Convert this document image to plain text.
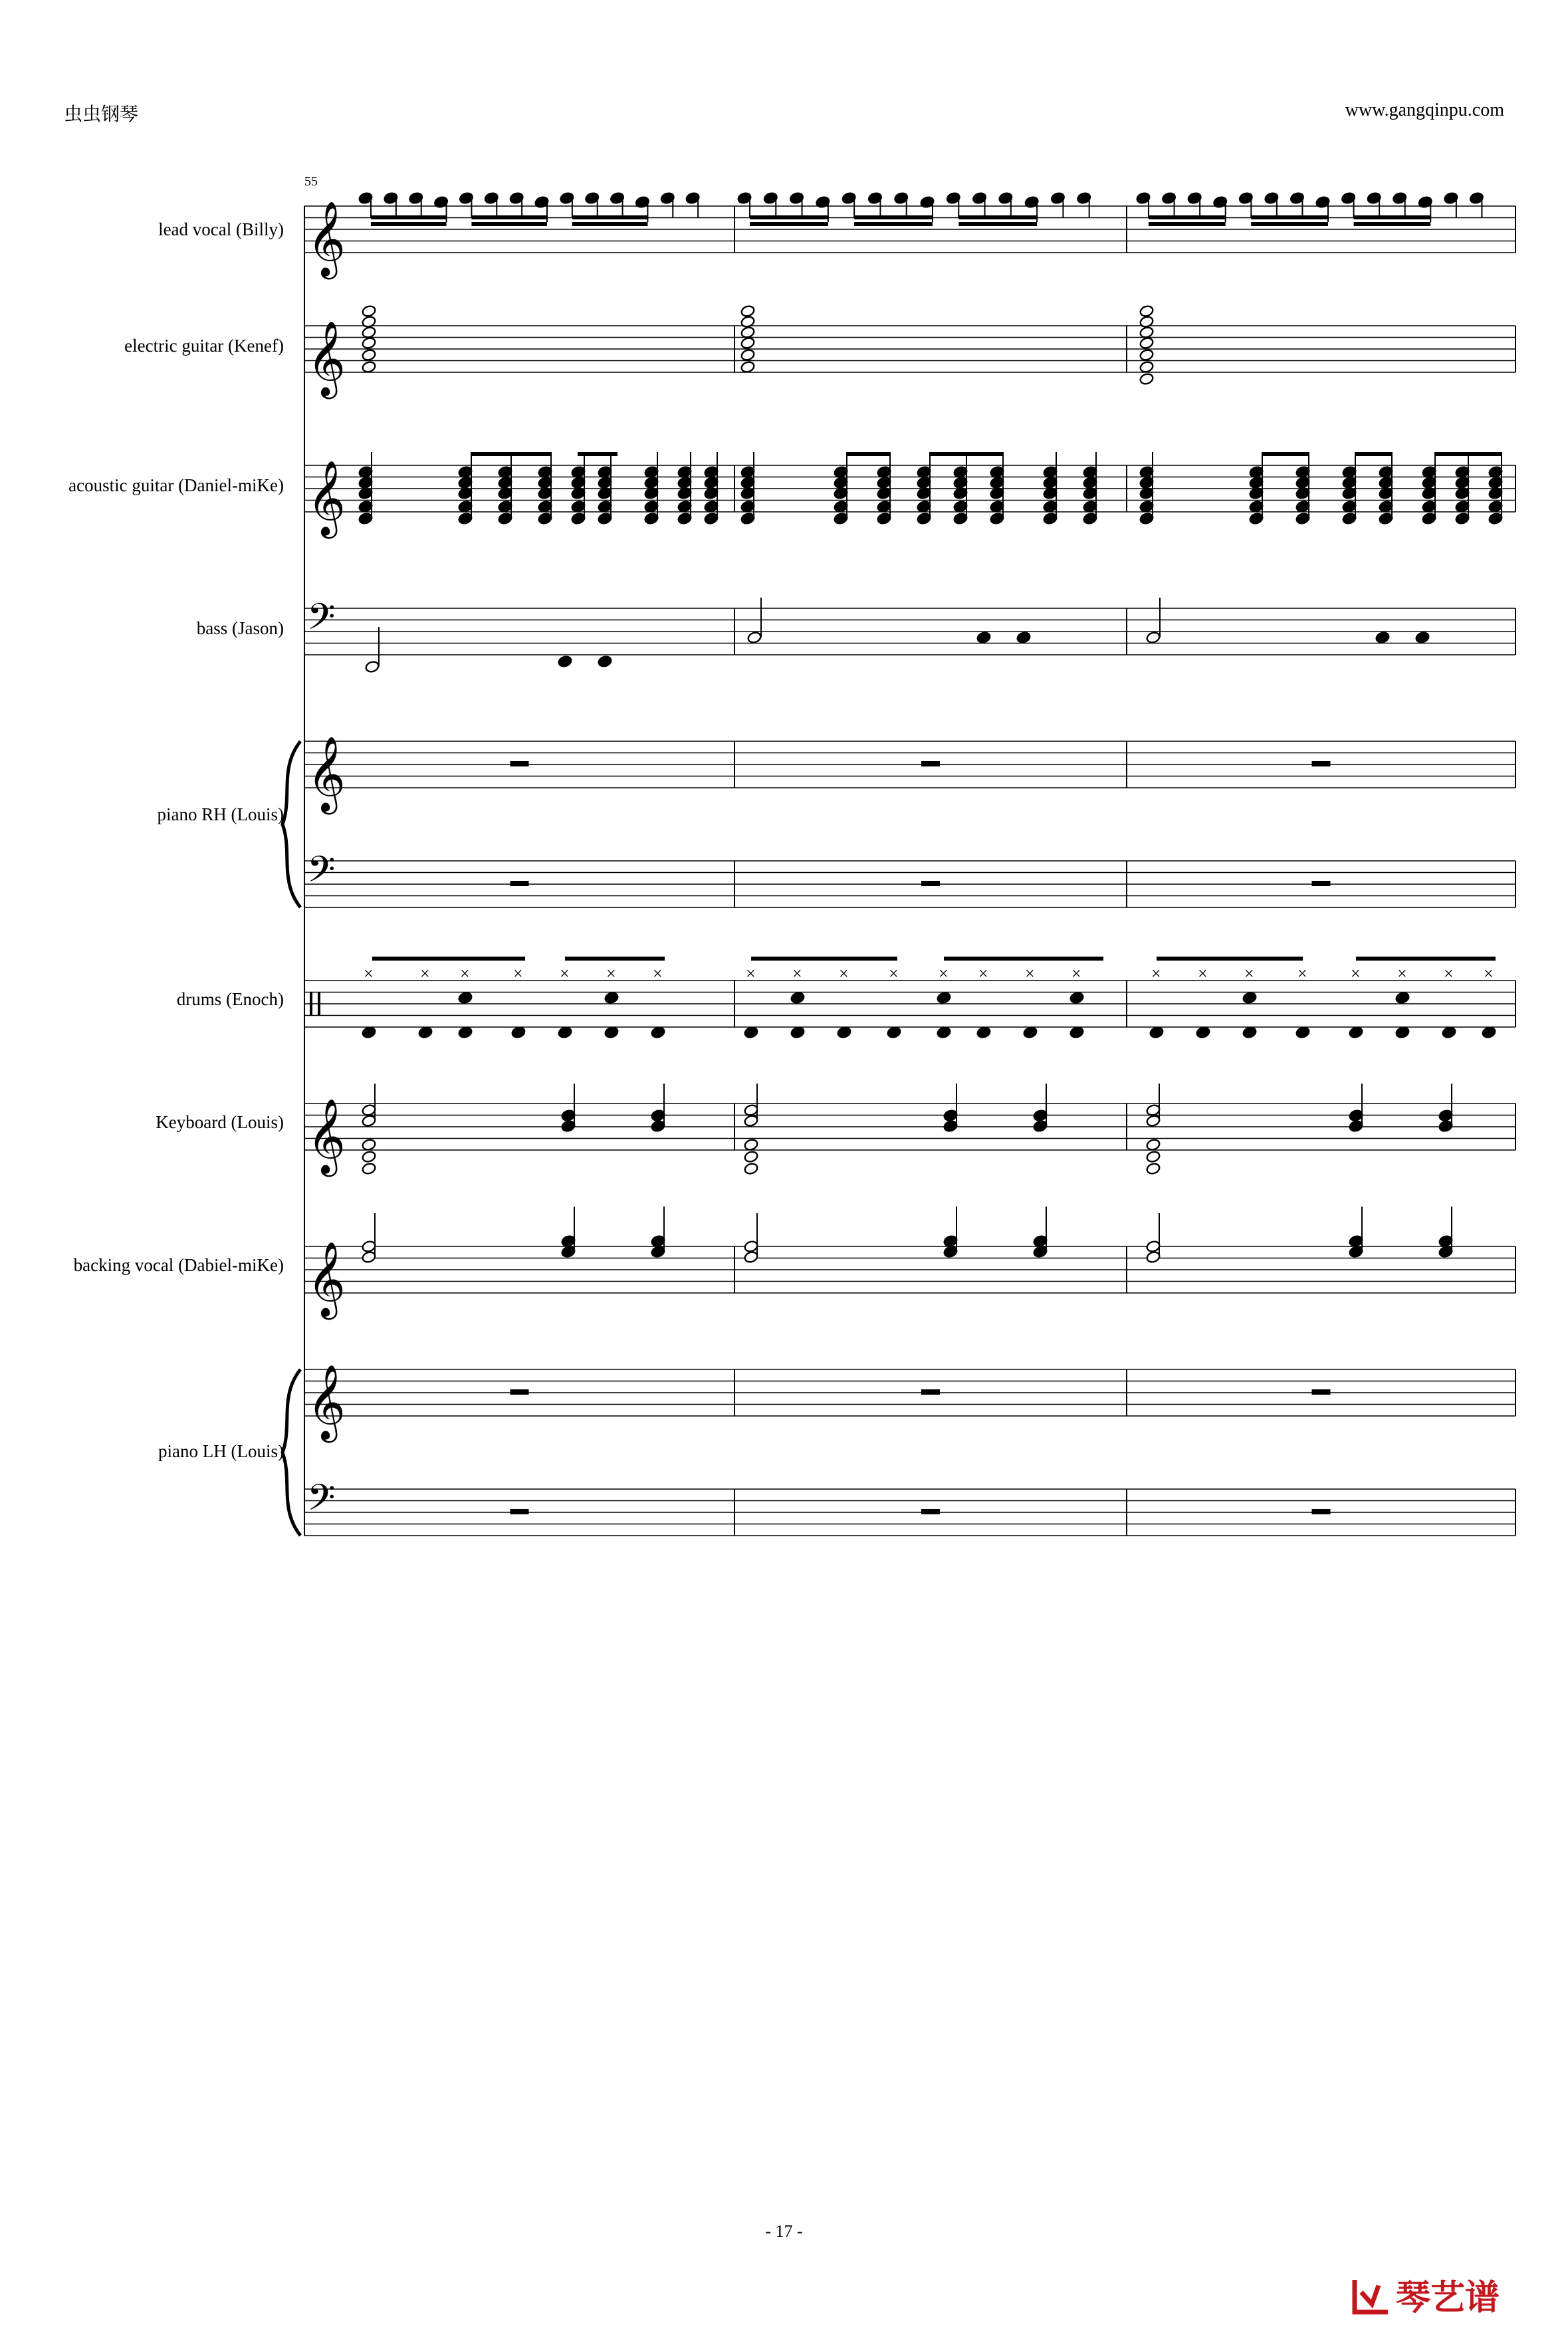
虫虫钢琴	www.gangqinpu.com
55
lead vocal (Billy)
electric guitar (Kenef)
acoustic guitar (Daniel-miKe)
bass (Jason)
piano RH (Louis)
drums (Enoch)
Keyboard (Louis)
backing vocal (Dabiel-miKe)
piano LH (Louis)
𝄞
𝄞
𝄞
𝄢
𝄞
𝄢
𝄞
𝄞
𝄞
𝄢
×	× ×	× × × ×	× × × × × × × ×	× × ×	×	× × × ×
- 17 -
琴艺谱
